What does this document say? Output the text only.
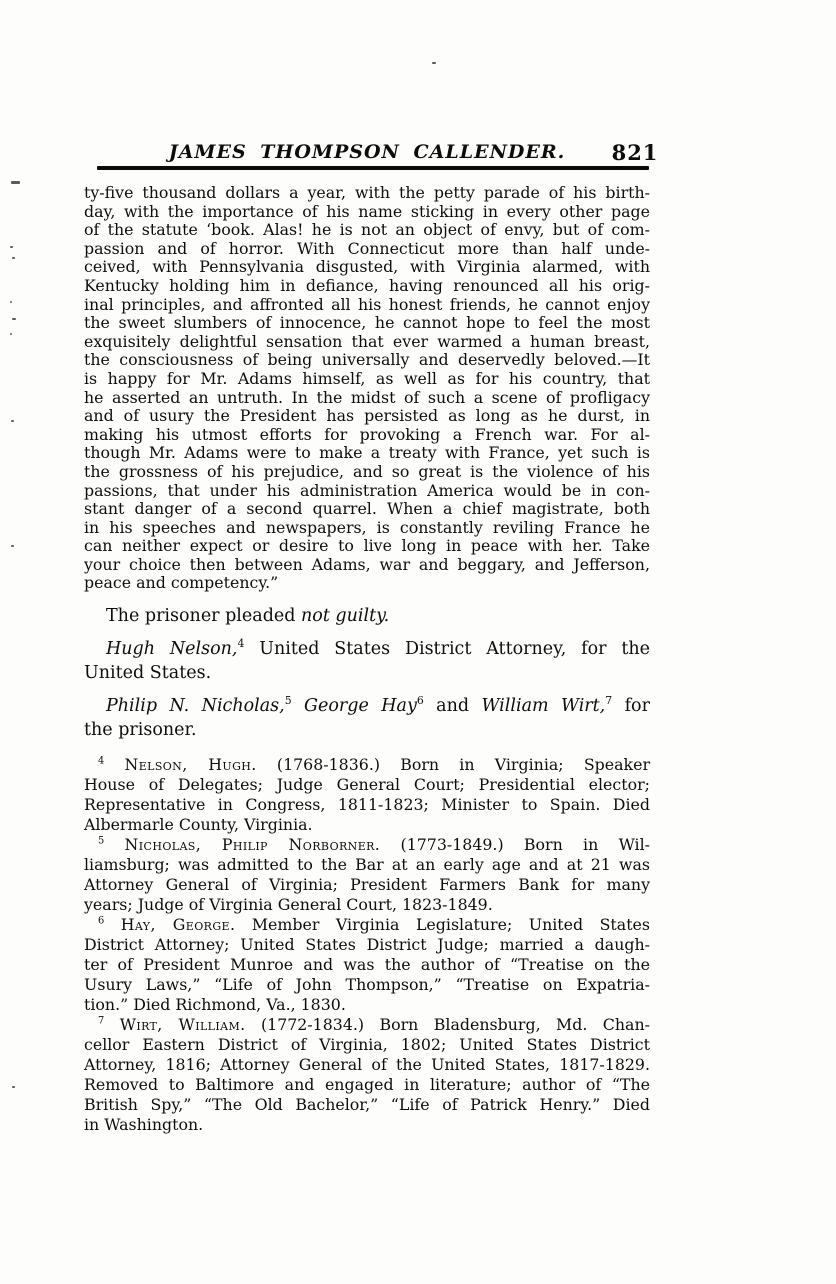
JAMES THOMPSON CALLENDER.	821
ty-five thousand dollars a year, with the petty parade of his birth-
day, with the importance of his name sticking in every other page
of the statute ‘book. Alas! he is not an object of envy, but of com-
passion and of horror. With Connecticut more than half unde-
ceived, with Pennsylvania disgusted, with Virginia alarmed, with
Kentucky holding him in defiance, having renounced all his orig-
inal principles, and affronted all his honest friends, he cannot enjoy
the sweet slumbers of innocence, he cannot hope to feel the most
exquisitely delightful sensation that ever warmed a human breast,
the consciousness of being universally and deservedly beloved.—It
is happy for Mr. Adams himself, as well as for his country, that
he asserted an untruth. In the midst of such a scene of profligacy
and of usury the President has persisted as long as he durst, in
making his utmost efforts for provoking a French war. For al-
though Mr. Adams were to make a treaty with France, yet such is
the grossness of his prejudice, and so great is the violence of his
passions, that under his administration America would be in con-
stant danger of a second quarrel. When a chief magistrate, both
in his speeches and newspapers, is constantly reviling France he
can neither expect or desire to live long in peace with her. Take
your choice then between Adams, war and beggary, and Jefferson,
peace and competency.”
The prisoner pleaded not guilty.
Hugh Nelson,$^4$ United States District Attorney, for the
United States.
Philip N. Nicholas,$^5$ George Hay$^6$ and William Wirt,$^7$ for
the prisoner.
$^4$ Nelson, Hugh. (1768-1836.) Born in Virginia; Speaker
House of Delegates; Judge General Court; Presidential elector;
Representative in Congress, 1811-1823; Minister to Spain. Died
Albermarle County, Virginia.
$^5$ Nicholas, Philip Norborner. (1773-1849.) Born in Wil-
liamsburg; was admitted to the Bar at an early age and at 21 was
Attorney General of Virginia; President Farmers Bank for many
years; Judge of Virginia General Court, 1823-1849.
$^6$ Hay, George. Member Virginia Legislature; United States
District Attorney; United States District Judge; married a daugh-
ter of President Munroe and was the author of “Treatise on the
Usury Laws,” “Life of John Thompson,” “Treatise on Expatria-
tion.” Died Richmond, Va., 1830.
$^7$ Wirt, William. (1772-1834.) Born Bladensburg, Md. Chan-
cellor Eastern District of Virginia, 1802; United States District
Attorney, 1816; Attorney General of the United States, 1817-1829.
Removed to Baltimore and engaged in literature; author of “The
British Spy,” “The Old Bachelor,” “Life of Patrick Henry.” Died
in Washington.
